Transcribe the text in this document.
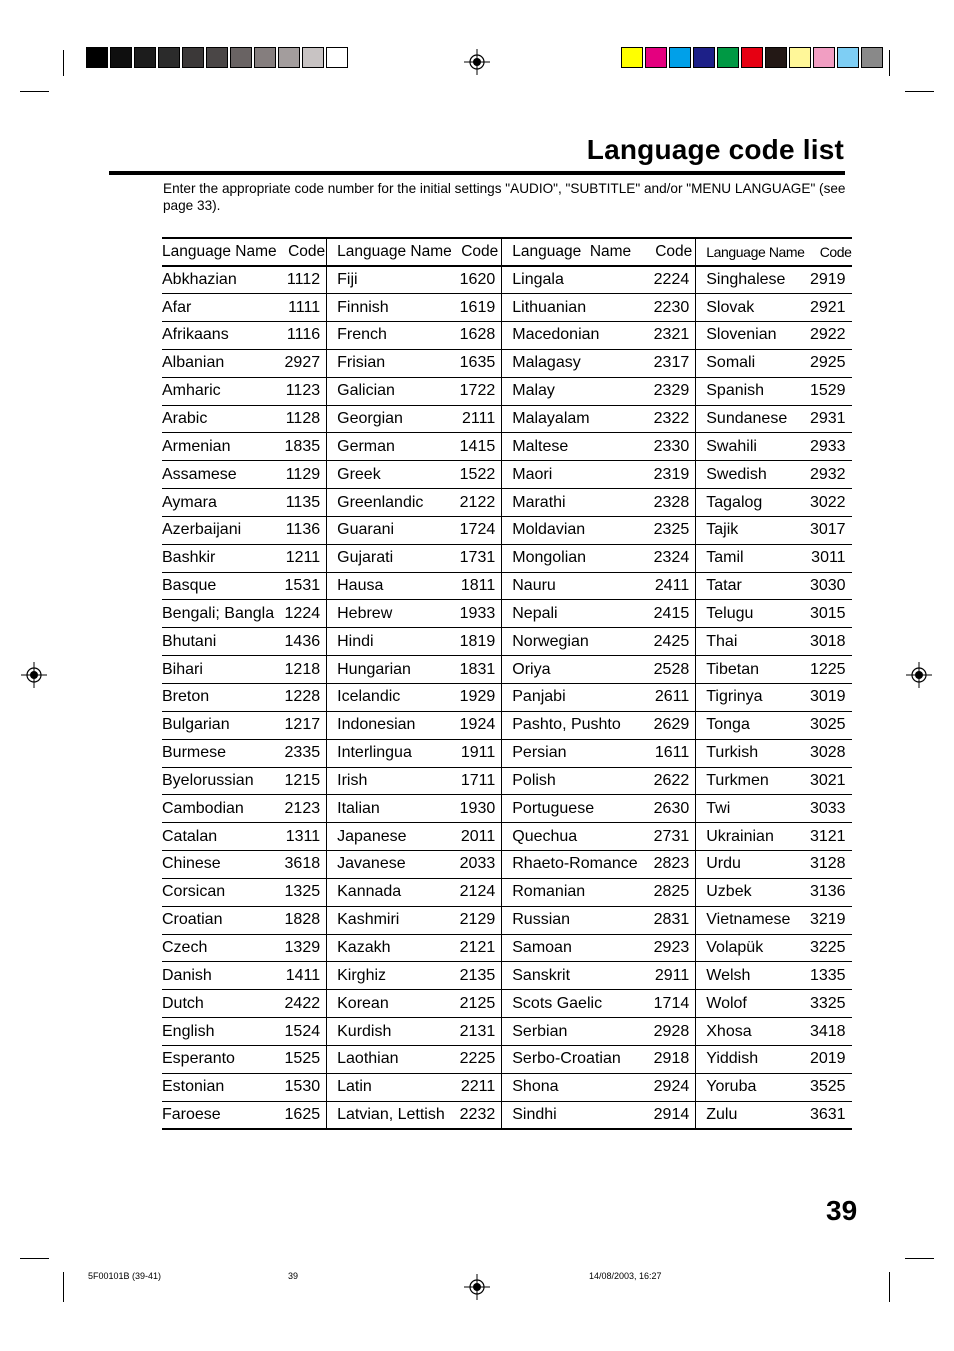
Language code list
Enter the appropriate code number for the initial settings "AUDIO", "SUBTITLE" and/or "MENU LANGUAGE" (see page 33).
Language Name	Code	Language Name	Code	Language  Name	Code	Language Name	Code
Abkhazian	1112	Fiji	1620	Lingala	2224	Singhalese	2919
Afar	1111	Finnish	1619	Lithuanian	2230	Slovak	2921
Afrikaans	1116	French	1628	Macedonian	2321	Slovenian	2922
Albanian	2927	Frisian	1635	Malagasy	2317	Somali	2925
Amharic	1123	Galician	1722	Malay	2329	Spanish	1529
Arabic	1128	Georgian	2111	Malayalam	2322	Sundanese	2931
Armenian	1835	German	1415	Maltese	2330	Swahili	2933
Assamese	1129	Greek	1522	Maori	2319	Swedish	2932
Aymara	1135	Greenlandic	2122	Marathi	2328	Tagalog	3022
Azerbaijani	1136	Guarani	1724	Moldavian	2325	Tajik	3017
Bashkir	1211	Gujarati	1731	Mongolian	2324	Tamil	3011
Basque	1531	Hausa	1811	Nauru	2411	Tatar	3030
Bengali; Bangla	1224	Hebrew	1933	Nepali	2415	Telugu	3015
Bhutani	1436	Hindi	1819	Norwegian	2425	Thai	3018
Bihari	1218	Hungarian	1831	Oriya	2528	Tibetan	1225
Breton	1228	Icelandic	1929	Panjabi	2611	Tigrinya	3019
Bulgarian	1217	Indonesian	1924	Pashto, Pushto	2629	Tonga	3025
Burmese	2335	Interlingua	1911	Persian	1611	Turkish	3028
Byelorussian	1215	Irish	1711	Polish	2622	Turkmen	3021
Cambodian	2123	Italian	1930	Portuguese	2630	Twi	3033
Catalan	1311	Japanese	2011	Quechua	2731	Ukrainian	3121
Chinese	3618	Javanese	2033	Rhaeto-Romance	2823	Urdu	3128
Corsican	1325	Kannada	2124	Romanian	2825	Uzbek	3136
Croatian	1828	Kashmiri	2129	Russian	2831	Vietnamese	3219
Czech	1329	Kazakh	2121	Samoan	2923	Volapük	3225
Danish	1411	Kirghiz	2135	Sanskrit	2911	Welsh	1335
Dutch	2422	Korean	2125	Scots Gaelic	1714	Wolof	3325
English	1524	Kurdish	2131	Serbian	2928	Xhosa	3418
Esperanto	1525	Laothian	2225	Serbo-Croatian	2918	Yiddish	2019
Estonian	1530	Latin	2211	Shona	2924	Yoruba	3525
Faroese	1625	Latvian, Lettish	2232	Sindhi	2914	Zulu	3631
39
5F00101B (39-41)	39	14/08/2003, 16:27
